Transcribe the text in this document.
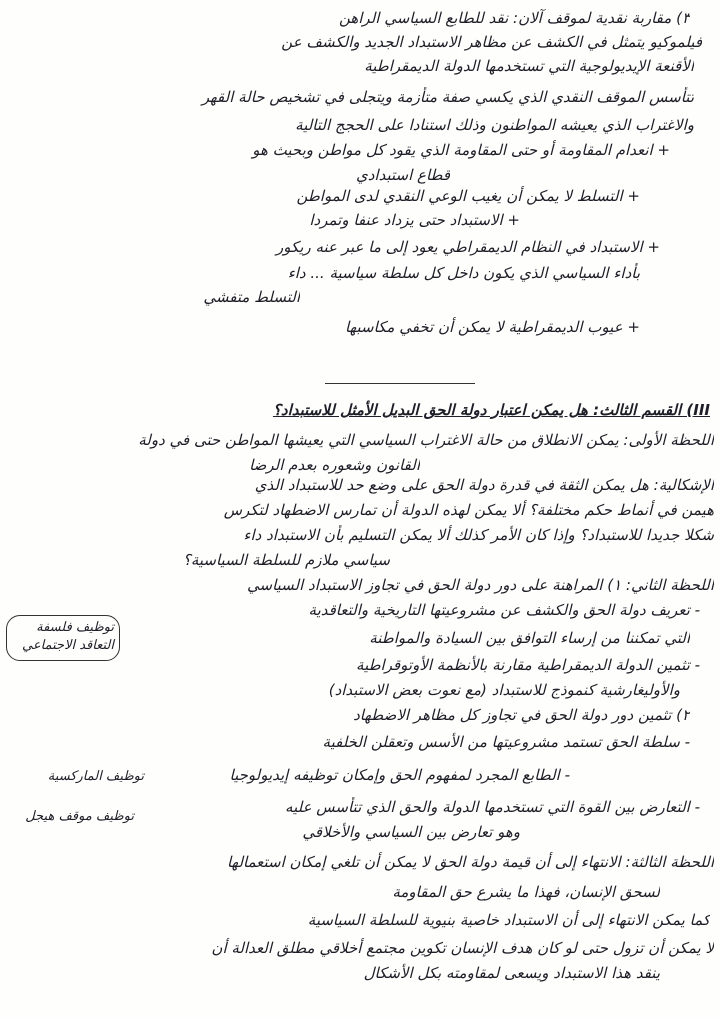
٣) مقاربة نقدية لموقف آلان: نقد للطابع السياسي الراهن
فيلموكيو يتمثل في الكشف عن مظاهر الاستبداد الجديد والكشف عن
الأقنعة الإيديولوجية التي تستخدمها الدولة الديمقراطية
تتأسس الموقف النقدي الذي يكسي صفة متأزمة ويتجلى في تشخيص حالة القهر
والاغتراب الذي يعيشه المواطنون وذلك استنادا على الحجج التالية
+ انعدام المقاومة أو حتى المقاومة الذي يقود كل مواطن وبحيث هو
قطاع استبدادي
+ التسلط لا يمكن أن يغيب الوعي النقدي لدى المواطن
+ الاستبداد حتى يزداد عنفا وتمردا
+ الاستبداد في النظام الديمقراطي يعود إلى ما عبر عنه ريكور
بأداء السياسي الذي يكون داخل كل سلطة سياسية ... داء
التسلط متفشي
+ عيوب الديمقراطية لا يمكن أن تخفي مكاسبها
III) القسم الثالث: هل يمكن اعتبار دولة الحق البديل الأمثل للاستبداد؟
اللحظة الأولى: يمكن الانطلاق من حالة الاغتراب السياسي التي يعيشها المواطن حتى في دولة
القانون وشعوره بعدم الرضا
الإشكالية: هل يمكن الثقة في قدرة دولة الحق على وضع حد للاستبداد الذي
هيمن في أنماط حكم مختلفة؟ ألا يمكن لهذه الدولة أن تمارس الاضطهاد لتكرس
شكلا جديدا للاستبداد؟ وإذا كان الأمر كذلك ألا يمكن التسليم بأن الاستبداد داء
سياسي ملازم للسلطة السياسية؟
اللحظة الثاني: ١) المراهنة على دور دولة الحق في تجاوز الاستبداد السياسي
- تعريف دولة الحق والكشف عن مشروعيتها التاريخية والتعاقدية
التي تمكننا من إرساء التوافق بين السيادة والمواطنة
- تثمين الدولة الديمقراطية مقارنة بالأنظمة الأوتوقراطية
والأوليغارشية كنموذج للاستبداد (مع نعوت بعض الاستبداد)
٢) تثمين دور دولة الحق في تجاوز كل مظاهر الاضطهاد
- سلطة الحق تستمد مشروعيتها من الأسس وتعقلن الخلفية
- الطابع المجرد لمفهوم الحق وإمكان توظيفه إيديولوجيا
- التعارض بين القوة التي تستخدمها الدولة والحق الذي تتأسس عليه
وهو تعارض بين السياسي والأخلاقي
توظيف فلسفة
التعاقد الاجتماعي
توظيف الماركسية
توظيف موقف هيجل
اللحظة الثالثة: الانتهاء إلى أن قيمة دولة الحق لا يمكن أن تلغي إمكان استعمالها
لسحق الإنسان، فهذا ما يشرع حق المقاومة
كما يمكن الانتهاء إلى أن الاستبداد خاصية بنيوية للسلطة السياسية
لا يمكن أن تزول حتى لو كان هدف الإنسان تكوين مجتمع أخلاقي مطلق العدالة أن
ينقد هذا الاستبداد ويسعى لمقاومته بكل الأشكال
